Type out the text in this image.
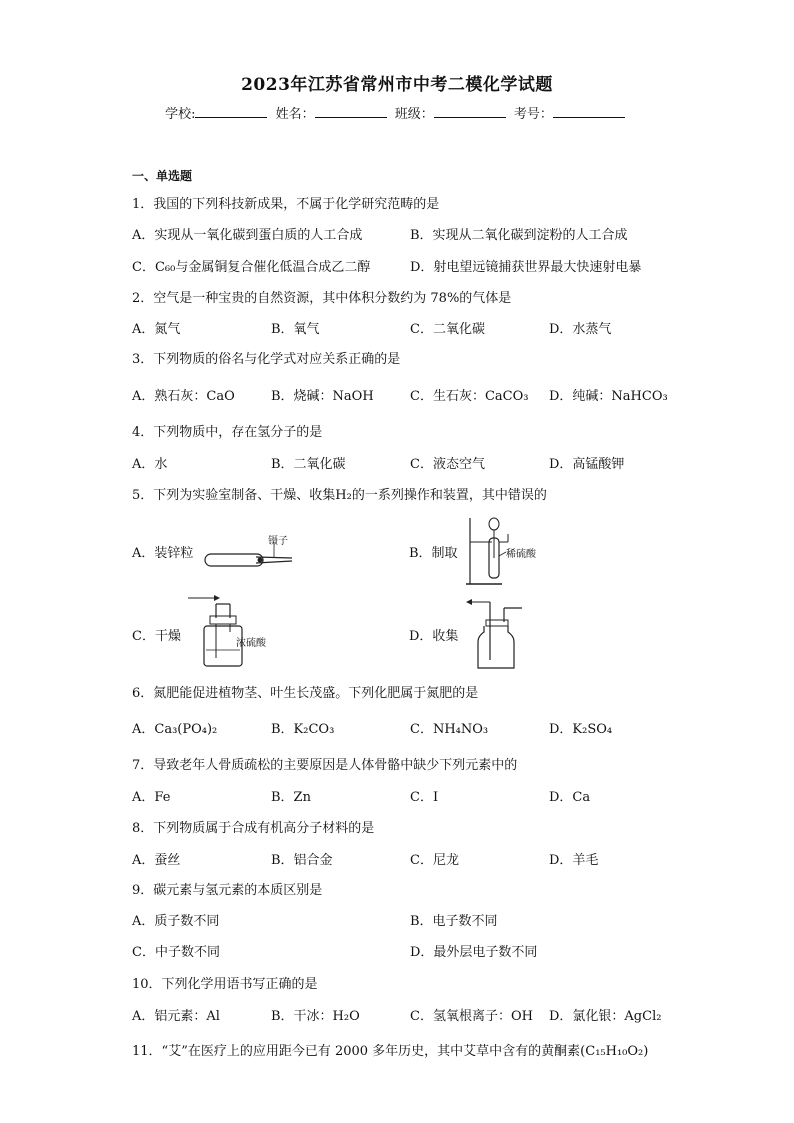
2023年江苏省常州市中考二模化学试题
学校:	姓名：	班级：	考号：
一、单选题
1．我国的下列科技新成果，不属于化学研究范畴的是
A．实现从一氧化碳到蛋白质的人工合成	B．实现从二氧化碳到淀粉的人工合成
C．C₆₀与金属铜复合催化低温合成乙二醇	D．射电望远镜捕获世界最大快速射电暴
2．空气是一种宝贵的自然资源，其中体积分数约为 78%的气体是
A．氮气	B．氧气	C．二氧化碳	D．水蒸气
3．下列物质的俗名与化学式对应关系正确的是
A．熟石灰：CaO	B．烧碱：NaOH	C．生石灰：CaCO₃ D．纯碱：NaHCO₃
4．下列物质中，存在氢分子的是
A．水	B．二氧化碳	C．液态空气	D．高锰酸钾
5．下列为实验室制备、干燥、收集H₂的一系列操作和装置，其中错误的
A．装锌粒
镊子
B．制取	稀硫酸
C．干燥	浓硫酸	D．收集
6．氮肥能促进植物茎、叶生长茂盛。下列化肥属于氮肥的是
A．Ca₃(PO₄)₂	B．K₂CO₃	C．NH₄NO₃	D．K₂SO₄
7．导致老年人骨质疏松的主要原因是人体骨骼中缺少下列元素中的
A．Fe	B．Zn	C．I	D．Ca
8．下列物质属于合成有机高分子材料的是
A．蚕丝	B．铝合金	C．尼龙	D．羊毛
9．碳元素与氢元素的本质区别是
A．质子数不同	B．电子数不同
C．中子数不同	D．最外层电子数不同
10．下列化学用语书写正确的是
A．铝元素：Al	B．干冰：H₂O	C．氢氧根离子：OH D．氯化银：AgCl₂
11．“艾”在医疗上的应用距今已有 2000 多年历史，其中艾草中含有的黄酮素(C₁₅H₁₀O₂)
